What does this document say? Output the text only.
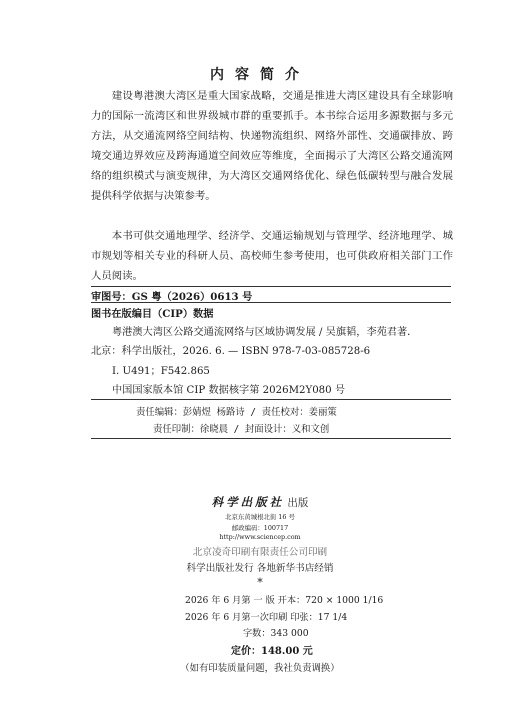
内容简介

建设粤港澳大湾区是重大国家战略，交通是推进大湾区建设具有全球影响力的国际一流湾区和世界级城市群的重要抓手。本书综合运用多源数据与多元方法，从交通流网络空间结构、快递物流组织、网络外部性、交通碳排放、跨境交通边界效应及跨海通道空间效应等维度，全面揭示了大湾区公路交通流网络的组织模式与演变规律，为大湾区交通网络优化、绿色低碳转型与融合发展提供科学依据与决策参考。

本书可供交通地理学、经济学、交通运输规划与管理学、经济地理学、城市规划等相关专业的科研人员、高校师生参考使用，也可供政府相关部门工作人员阅读。

审图号：GS 粤（2026）0613 号
图书在版编目（CIP）数据
粤港澳大湾区公路交通流网络与区域协调发展 / 吴旗韬，李苑君著．
北京：科学出版社，2026. 6. — ISBN 978-7-03-085728-6
Ⅰ. U491；F542.865
中国国家版本馆 CIP 数据核字第 2026M2Y080 号
责任编辑：彭婧煜 杨路诗 / 责任校对：姜丽策
责任印制：徐晓晨 / 封面设计：义和文创
科学出版社 出版
北京东黄城根北街 16 号
邮政编码：100717
http://www.sciencep.com
北京凌奇印刷有限责任公司印刷
科学出版社发行 各地新华书店经销
*
2026 年 6 月第 一 版 开本：720 × 1000 1/16
2026 年 6 月第一次印刷 印张：17 1/4
字数：343 000
定价：148.00 元
（如有印装质量问题，我社负责调换）
